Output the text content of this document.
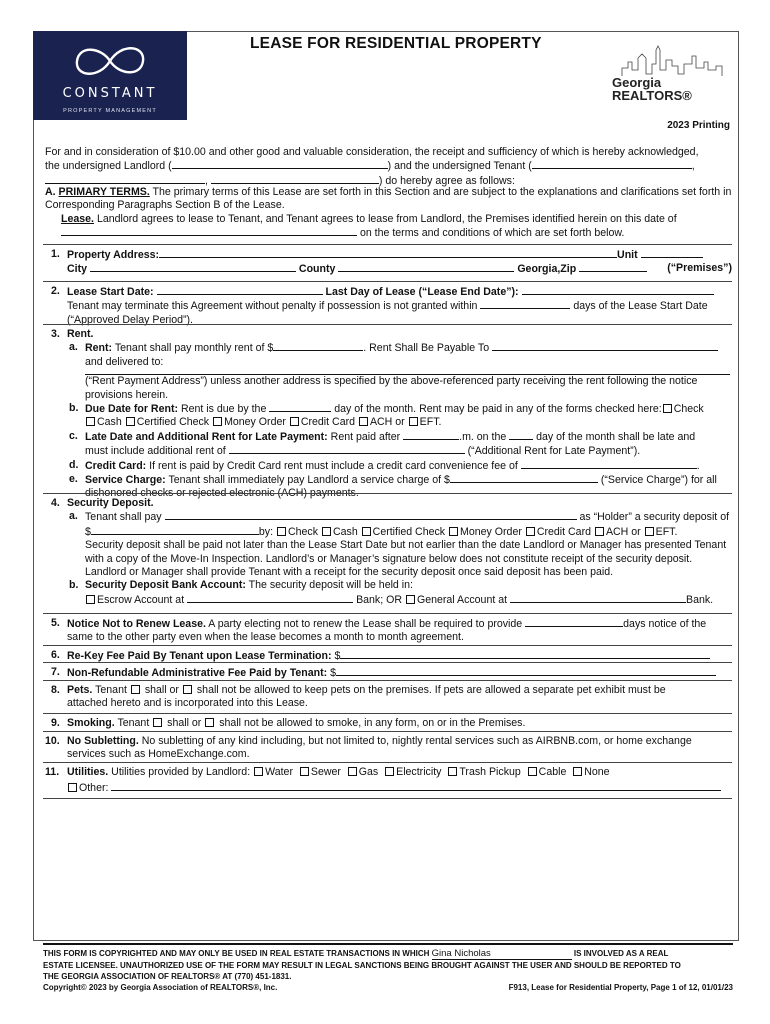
CONSTANT
PROPERTY MANAGEMENT
LEASE FOR RESIDENTIAL PROPERTY
Georgia REALTORS®
2023 Printing

For and in consideration of $10.00 and other good and valuable consideration, the receipt and sufficiency of which is hereby acknowledged,

the undersigned Landlord (	) and the undersigned Tenant (	,

,	) do hereby agree as follows:

A. PRIMARY TERMS. The primary terms of this Lease are set forth in this Section and are subject to the explanations and clarifications set forth in Corresponding Paragraphs Section B of the Lease.
Lease. Landlord agrees to lease to Tenant, and Tenant agrees to lease from Landlord, the Premises identified herein on this date of
on the terms and conditions of which are set forth below.
1. Property Address:	Unit
City	County	Georgia,Zip	(“Premises”)
2. Lease Start Date:	Last Day of Lease (“Lease End Date”):
Tenant may terminate this Agreement without penalty if possession is not granted within	days of the Lease Start Date
(“Approved Delay Period”).
3. Rent.
a. Rent: Tenant shall pay monthly rent of $	. Rent Shall Be Payable To
and delivered to:
(“Rent Payment Address”) unless another address is specified by the above-referenced party receiving the rent following the notice provisions herein.
b. Due Date for Rent: Rent is due by the	day of the month. Rent may be paid in any of the forms checked here: Check
Cash Certified Check Money Order Credit Card ACH or EFT.
c. Late Date and Additional Rent for Late Payment: Rent paid after	.m. on the	day of the month shall be late and
must include additional rent of	(“Additional Rent for Late Payment”).
d. Credit Card: If rent is paid by Credit Card rent must include a credit card convenience fee of	.
e. Service Charge: Tenant shall immediately pay Landlord a service charge of $	(“Service Charge”) for all
dishonored checks or rejected electronic (ACH) payments.
4. Security Deposit.
a. Tenant shall pay	as “Holder” a security deposit of
$	by: Check Cash Certified Check Money Order Credit Card ACH or EFT.
Security deposit shall be paid not later than the Lease Start Date but not earlier than the date Landlord or Manager has presented Tenant with a copy of the Move-In Inspection. Landlord’s or Manager’s signature below does not constitute receipt of the security deposit. Landlord or Manager shall provide Tenant with a receipt for the security deposit once said deposit has been paid.
b. Security Deposit Bank Account: The security deposit will be held in:
Escrow Account at	Bank; OR General Account at	Bank.
5. Notice Not to Renew Lease. A party electing not to renew the Lease shall be required to provide	days notice of the
same to the other party even when the lease becomes a month to month agreement.
6. Re-Key Fee Paid By Tenant upon Lease Termination: $
7. Non-Refundable Administrative Fee Paid by Tenant: $
8. Pets. Tenant shall or shall not be allowed to keep pets on the premises. If pets are allowed a separate pet exhibit must be
attached hereto and is incorporated into this Lease.
9. Smoking. Tenant shall or shall not be allowed to smoke, in any form, on or in the Premises.
10. No Subletting. No subletting of any kind including, but not limited to, nightly rental services such as AIRBNB.com, or home exchange
services such as HomeExchange.com.
11. Utilities. Utilities provided by Landlord: Water Sewer Gas Electricity Trash Pickup Cable None
Other:
THIS FORM IS COPYRIGHTED AND MAY ONLY BE USED IN REAL ESTATE TRANSACTIONS IN WHICH Gina Nicholas	IS INVOLVED AS A REAL
ESTATE LICENSEE. UNAUTHORIZED USE OF THE FORM MAY RESULT IN LEGAL SANCTIONS BEING BROUGHT AGAINST THE USER AND SHOULD BE REPORTED TO
THE GEORGIA ASSOCIATION OF REALTORS® AT (770) 451-1831.
Copyright© 2023 by Georgia Association of REALTORS®, Inc.	F913, Lease for Residential Property, Page 1 of 12, 01/01/23
